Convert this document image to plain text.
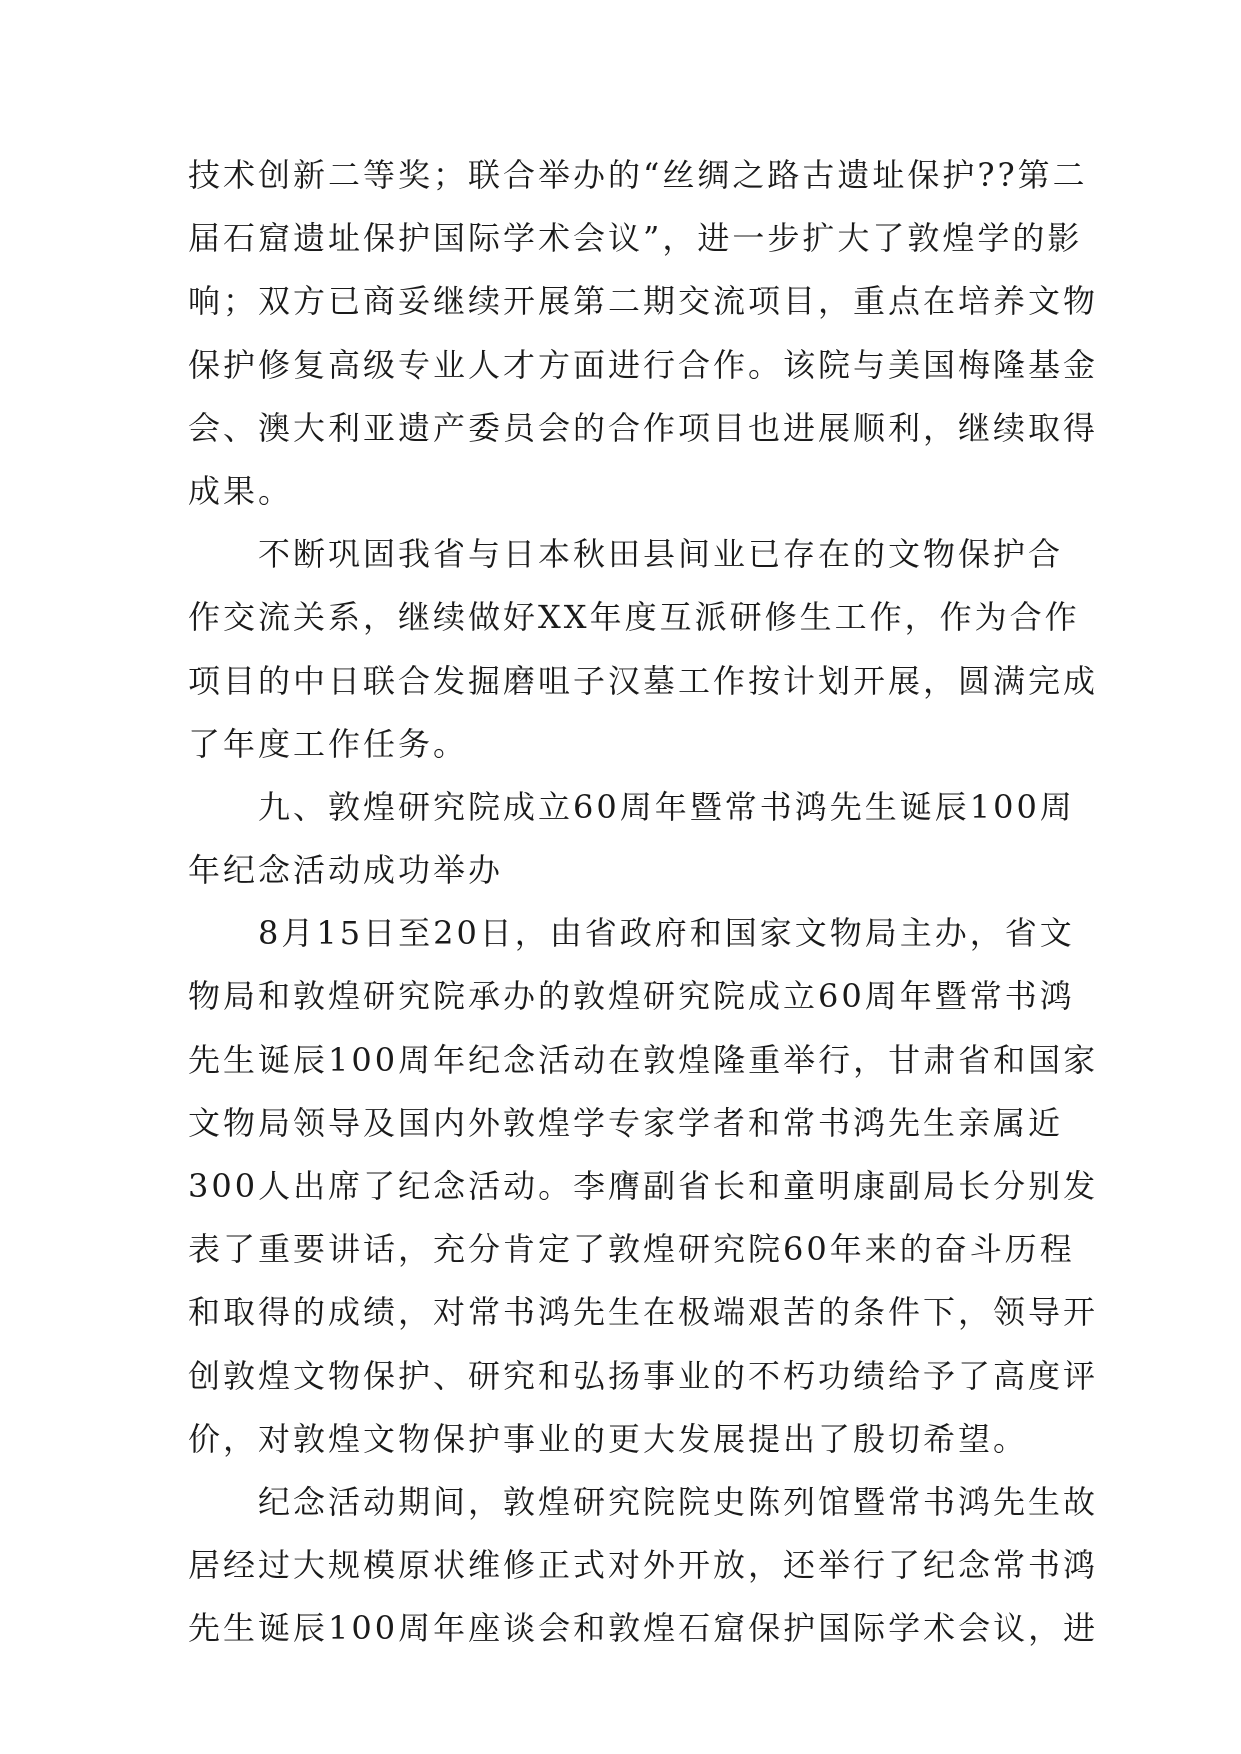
技术创新二等奖；联合举办的“丝绸之路古遗址保护??第二
届石窟遗址保护国际学术会议”，进一步扩大了敦煌学的影
响；双方已商妥继续开展第二期交流项目，重点在培养文物
保护修复高级专业人才方面进行合作。该院与美国梅隆基金
会、澳大利亚遗产委员会的合作项目也进展顺利，继续取得
成果。
不断巩固我省与日本秋田县间业已存在的文物保护合
作交流关系，继续做好XX年度互派研修生工作，作为合作
项目的中日联合发掘磨咀子汉墓工作按计划开展，圆满完成
了年度工作任务。
九、敦煌研究院成立60周年暨常书鸿先生诞辰100周
年纪念活动成功举办
8月15日至20日，由省政府和国家文物局主办，省文
物局和敦煌研究院承办的敦煌研究院成立60周年暨常书鸿
先生诞辰100周年纪念活动在敦煌隆重举行，甘肃省和国家
文物局领导及国内外敦煌学专家学者和常书鸿先生亲属近
300人出席了纪念活动。李膺副省长和童明康副局长分别发
表了重要讲话，充分肯定了敦煌研究院60年来的奋斗历程
和取得的成绩，对常书鸿先生在极端艰苦的条件下，领导开
创敦煌文物保护、研究和弘扬事业的不朽功绩给予了高度评
价，对敦煌文物保护事业的更大发展提出了殷切希望。
纪念活动期间，敦煌研究院院史陈列馆暨常书鸿先生故
居经过大规模原状维修正式对外开放，还举行了纪念常书鸿
先生诞辰100周年座谈会和敦煌石窟保护国际学术会议，进
